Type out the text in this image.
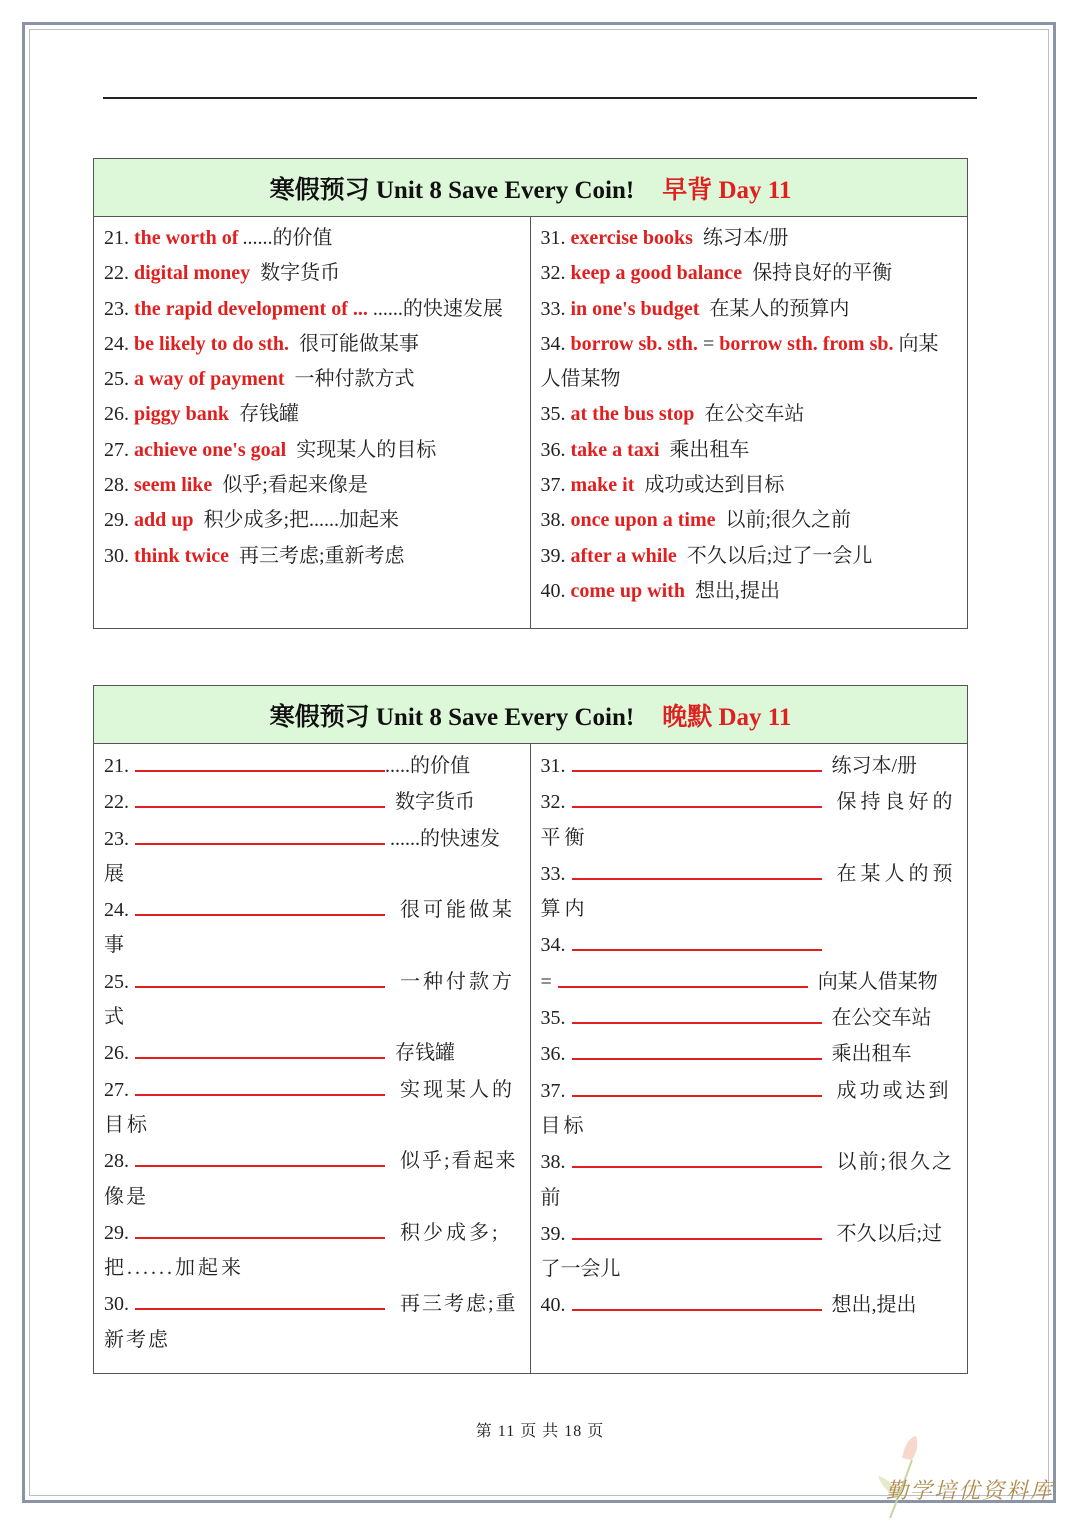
寒假预习 Unit 8 Save Every Coin! 早背 Day 11
21. the worth of ......的价值
22. digital money 数字货币
23. the rapid development of ... ......的快速发展
24. be likely to do sth. 很可能做某事
25. a way of payment 一种付款方式
26. piggy bank 存钱罐
27. achieve one's goal 实现某人的目标
28. seem like 似乎;看起来像是
29. add up 积少成多;把......加起来
30. think twice 再三考虑;重新考虑
31. exercise books 练习本/册
32. keep a good balance 保持良好的平衡
33. in one's budget 在某人的预算内
34. borrow sb. sth. = borrow sth. from sb. 向某人借某物
35. at the bus stop 在公交车站
36. take a taxi 乘出租车
37. make it 成功或达到目标
38. once upon a time 以前;很久之前
39. after a while 不久以后;过了一会儿
40. come up with 想出,提出
寒假预习 Unit 8 Save Every Coin! 晚默 Day 11
21.	.....的价值
22.	数字货币
23.	......的快速发展
24.	很可能做某事
25.	一种付款方式
26.	存钱罐
27.	实现某人的目标
28.	似乎;看起来像是
29.	积少成多;把......加起来
30.	再三考虑;重新考虑
31.	练习本/册
32.	保持良好的平衡
33.	在某人的预算内
34.
=	向某人借某物
35.	在公交车站
36.	乘出租车
37.	成功或达到目标
38.	以前;很久之前
39.	不久以后;过了一会儿
40.	想出,提出
第 11 页 共 18 页
勤学培优资料库
